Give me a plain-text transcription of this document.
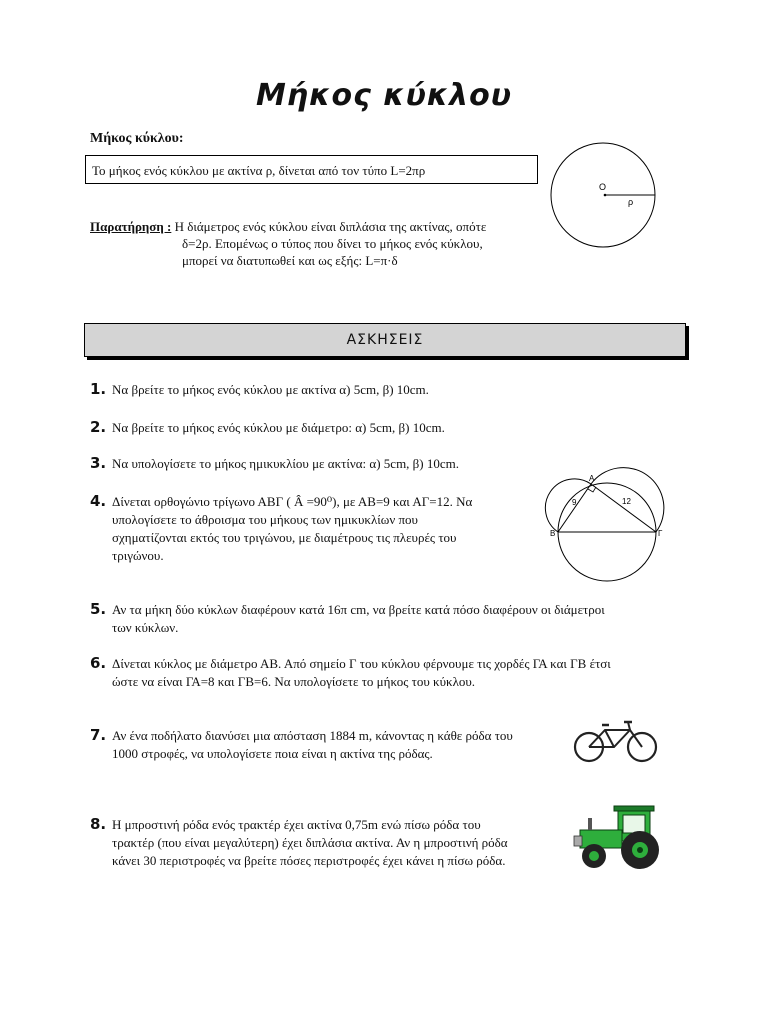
Μήκος κύκλου
Μήκος κύκλου:
Το μήκος ενός κύκλου με ακτίνα ρ, δίνεται από τον τύπο L=2πρ
Παρατήρηση : Η διάμετρος ενός κύκλου είναι διπλάσια της ακτίνας, οπότε
δ=2ρ. Επομένως ο τύπος που δίνει το μήκος ενός κύκλου,
μπορεί να διατυπωθεί και ως εξής: L=π·δ
Ο
ρ
ΑΣΚΗΣΕΙΣ
1. Να βρείτε το μήκος ενός κύκλου με ακτίνα α) 5cm, β) 10cm.
2. Να βρείτε το μήκος ενός κύκλου με διάμετρο: α) 5cm, β) 10cm.
3. Να υπολογίσετε το μήκος ημικυκλίου με ακτίνα: α) 5cm, β) 10cm.
4. Δίνεται ορθογώνιο τρίγωνο ΑΒΓ ( Â =90⁰), με ΑΒ=9 και ΑΓ=12. Να
υπολογίσετε το άθροισμα του μήκους των ημικυκλίων που
σχηματίζονται εκτός του τριγώνου, με διαμέτρους τις πλευρές του
τριγώνου.
5. Αν τα μήκη δύο κύκλων διαφέρουν κατά 16π cm, να βρείτε κατά πόσο διαφέρουν οι διάμετροι
των κύκλων.
6. Δίνεται κύκλος με διάμετρο ΑΒ. Από σημείο Γ του κύκλου φέρνουμε τις χορδές ΓΑ και ΓΒ έτσι
ώστε να είναι ΓΑ=8 και ΓΒ=6. Να υπολογίσετε το μήκος του κύκλου.
7. Αν ένα ποδήλατο διανύσει μια απόσταση 1884 m, κάνοντας η κάθε ρόδα του
1000 στροφές, να υπολογίσετε ποια είναι η ακτίνα της ρόδας.
8. Η μπροστινή ρόδα ενός τρακτέρ έχει ακτίνα 0,75m ενώ πίσω ρόδα του
τρακτέρ (που είναι μεγαλύτερη) έχει διπλάσια ακτίνα. Αν η μπροστινή ρόδα
κάνει 30 περιστροφές να βρείτε πόσες περιστροφές έχει κάνει η πίσω ρόδα.
Α
Β	Γ
9	12
